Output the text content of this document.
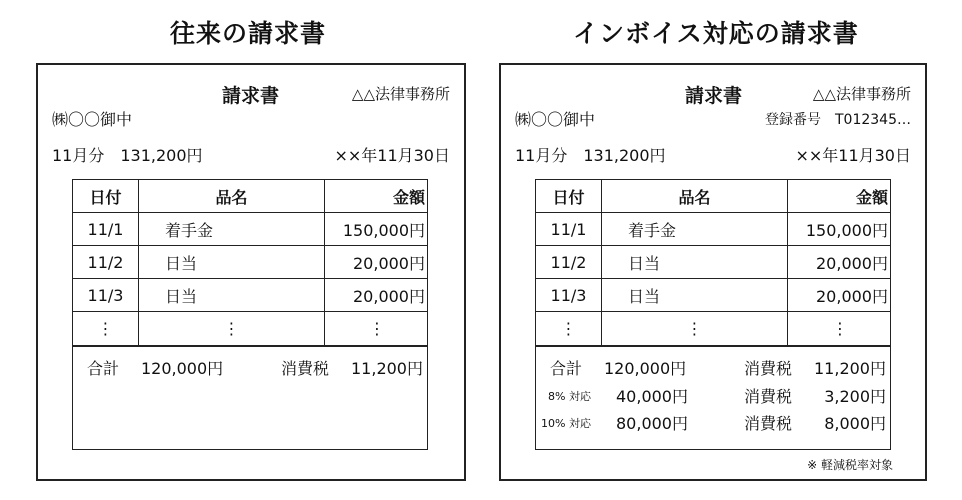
往来の請求書	インボイス対応の請求書
請求書	△△法律事務所
㈱〇〇御中
11月分　131,200円	××年11月30日
日付	品名	金額
11/1	着手金	150,000円
11/2	日当	20,000円
11/3	日当	20,000円
⋮	⋮	⋮
合計 120,000円	消費税 11,200円
請求書	△△法律事務所
㈱〇〇御中	登録番号　T012345…
11月分　131,200円	××年11月30日
日付	品名	金額
11/1	着手金	150,000円
11/2	日当	20,000円
11/3	日当	20,000円
⋮	⋮	⋮
合計 120,000円	消費税 11,200円
8% 対応 40,000円	消費税 3,200円
10% 対応 80,000円	消費税 8,000円
※ 軽減税率対象
